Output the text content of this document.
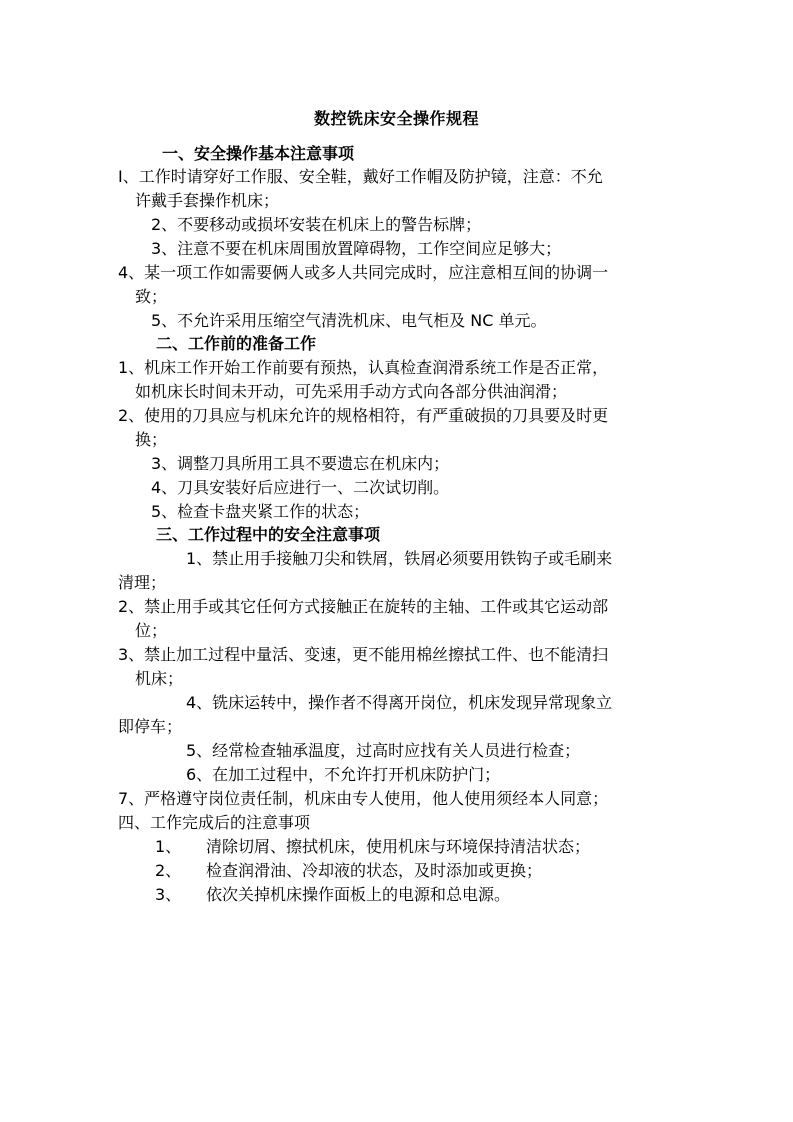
数控铣床安全操作规程
一、安全操作基本注意事项
I、工作时请穿好工作服、安全鞋，戴好工作帽及防护镜，注意：不允
许戴手套操作机床；
2、不要移动或损坏安装在机床上的警告标牌；
3、注意不要在机床周围放置障碍物，工作空间应足够大；
4、某一项工作如需要俩人或多人共同完成时，应注意相互间的协调一
致；
5、不允许采用压缩空气清洗机床、电气柜及 NC 单元。
二、工作前的准备工作
1、机床工作开始工作前要有预热，认真检查润滑系统工作是否正常，
如机床长时间未开动，可先采用手动方式向各部分供油润滑；
2、使用的刀具应与机床允许的规格相符，有严重破损的刀具要及时更
换；
3、调整刀具所用工具不要遗忘在机床内；
4、刀具安装好后应进行一、二次试切削。
5、检查卡盘夹紧工作的状态；
三、工作过程中的安全注意事项
1、禁止用手接触刀尖和铁屑，铁屑必须要用铁钩子或毛刷来
清理；
2、禁止用手或其它任何方式接触正在旋转的主轴、工件或其它运动部
位；
3、禁止加工过程中量活、变速，更不能用棉丝擦拭工件、也不能清扫
机床；
4、铣床运转中，操作者不得离开岗位，机床发现异常现象立
即停车；
5、经常检查轴承温度，过高时应找有关人员进行检查；
6、在加工过程中，不允许打开机床防护门；
7、严格遵守岗位责任制，机床由专人使用，他人使用须经本人同意；
四、工作完成后的注意事项
1、 清除切屑、擦拭机床，使用机床与环境保持清洁状态；
2、 检查润滑油、冷却液的状态，及时添加或更换；
3、 依次关掉机床操作面板上的电源和总电源。
